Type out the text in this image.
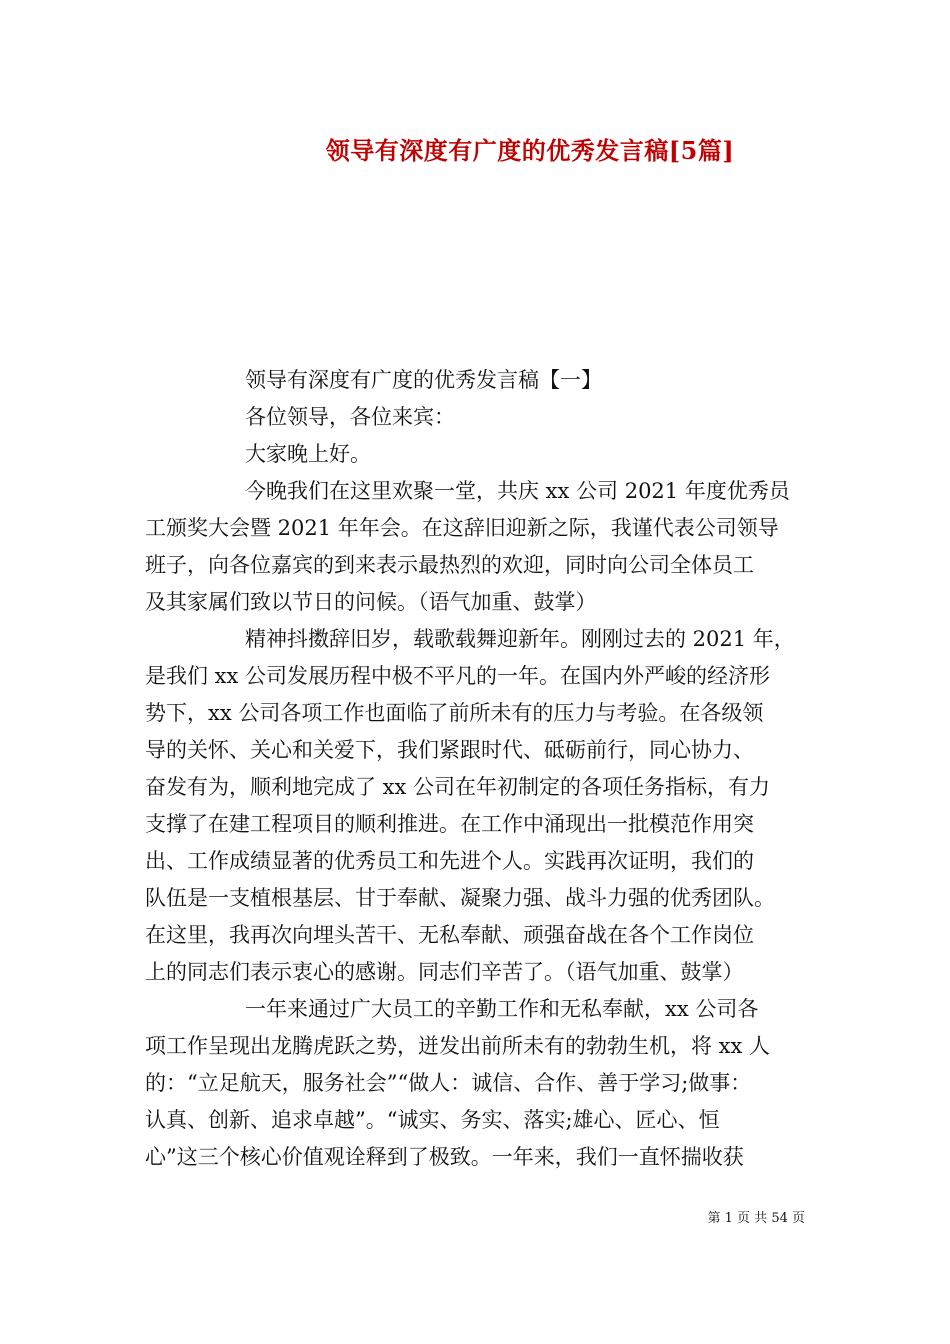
领导有深度有广度的优秀发言稿[5篇]

领导有深度有广度的优秀发言稿【一】

各位领导，各位来宾：

大家晚上好。

今晚我们在这里欢聚一堂，共庆 xx 公司 2021 年度优秀员

工颁奖大会暨 2021 年年会。在这辞旧迎新之际，我谨代表公司领导

班子，向各位嘉宾的到来表示最热烈的欢迎，同时向公司全体员工

及其家属们致以节日的问候。（语气加重、鼓掌）

精神抖擞辞旧岁，载歌载舞迎新年。刚刚过去的 2021 年，

是我们 xx 公司发展历程中极不平凡的一年。在国内外严峻的经济形

势下，xx 公司各项工作也面临了前所未有的压力与考验。在各级领

导的关怀、关心和关爱下，我们紧跟时代、砥砺前行，同心协力、

奋发有为，顺利地完成了 xx 公司在年初制定的各项任务指标，有力

支撑了在建工程项目的顺利推进。在工作中涌现出一批模范作用突

出、工作成绩显著的优秀员工和先进个人。实践再次证明，我们的

队伍是一支植根基层、甘于奉献、凝聚力强、战斗力强的优秀团队。

在这里，我再次向埋头苦干、无私奉献、顽强奋战在各个工作岗位

上的同志们表示衷心的感谢。同志们辛苦了。（语气加重、鼓掌）

一年来通过广大员工的辛勤工作和无私奉献，xx 公司各

项工作呈现出龙腾虎跃之势，迸发出前所未有的勃勃生机，将 xx 人

的：“立足航天，服务社会”“做人：诚信、合作、善于学习;做事：

认真、创新、追求卓越”。“诚实、务实、落实;雄心、匠心、恒

心”这三个核心价值观诠释到了极致。一年来，我们一直怀揣收获

第 1 页 共 54 页
